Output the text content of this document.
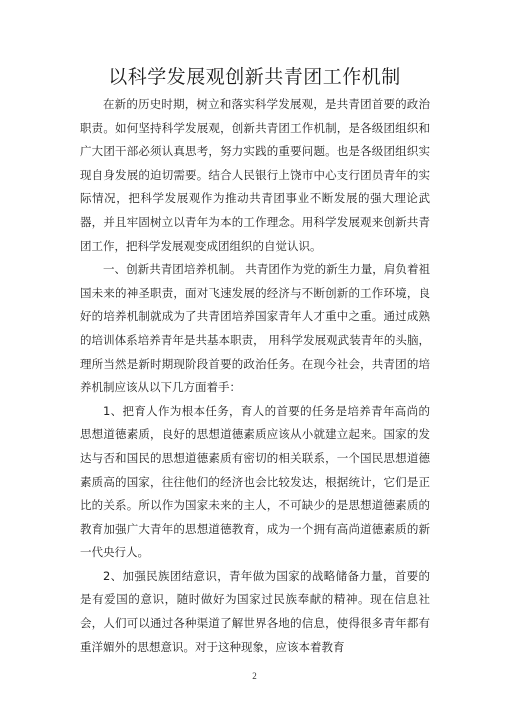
以科学发展观创新共青团工作机制

在新的历史时期，树立和落实科学发展观，是共青团首要的政治职责。如何坚持科学发展观，创新共青团工作机制，是各级团组织和广大团干部必须认真思考，努力实践的重要问题。也是各级团组织实现自身发展的迫切需要。结合人民银行上饶市中心支行团员青年的实际情况，把科学发展观作为推动共青团事业不断发展的强大理论武器，并且牢固树立以青年为本的工作理念。用科学发展观来创新共青团工作，把科学发展观变成团组织的自觉认识。

一、创新共青团培养机制。 共青团作为党的新生力量，肩负着祖国未来的神圣职责，面对飞速发展的经济与不断创新的工作环境，良好的培养机制就成为了共青团培养国家青年人才重中之重。通过成熟的培训体系培养青年是共基本职责， 用科学发展观武装青年的头脑，理所当然是新时期现阶段首要的政治任务。在现今社会，共青团的培养机制应该从以下几方面着手：

1、把育人作为根本任务，育人的首要的任务是培养青年高尚的思想道德素质，良好的思想道德素质应该从小就建立起来。国家的发达与否和国民的思想道德素质有密切的相关联系，一个国民思想道德素质高的国家，往往他们的经济也会比较发达，根据统计，它们是正比的关系。所以作为国家未来的主人，不可缺少的是思想道德素质的教育加强广大青年的思想道德教育，成为一个拥有高尚道德素质的新一代央行人。

2、加强民族团结意识，青年做为国家的战略储备力量，首要的是有爱国的意识，随时做好为国家过民族奉献的精神。现在信息社会，人们可以通过各种渠道了解世界各地的信息，使得很多青年都有重洋媚外的思想意识。对于这种现象，应该本着教育

2
